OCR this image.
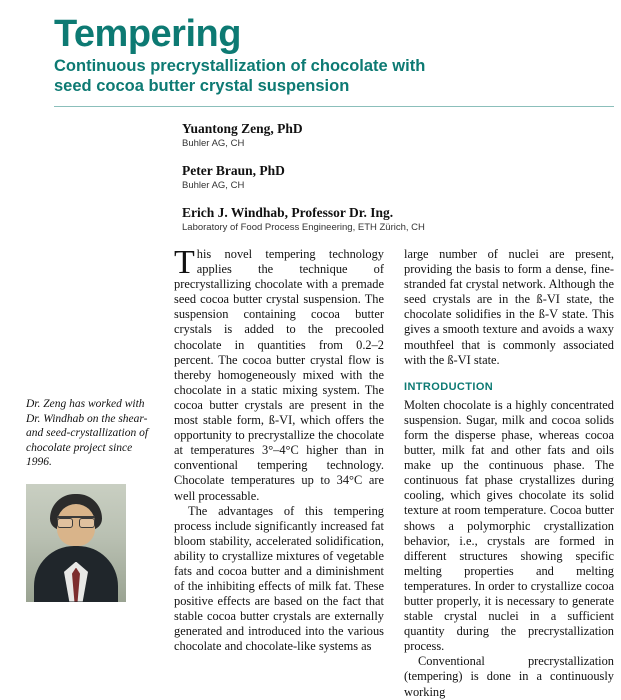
Tempering
Continuous precrystallization of chocolate with
seed cocoa butter crystal suspension
Yuantong Zeng, PhD
Buhler AG, CH
Peter Braun, PhD
Buhler AG, CH
Erich J. Windhab, Professor Dr. Ing.
Laboratory of Food Process Engineering, ETH Zürich, CH
Dr. Zeng has worked with Dr. Windhab on the shear- and seed-crystallization of chocolate project since 1996.

This novel tempering technology applies the technique of precrystallizing chocolate with a premade seed cocoa butter crystal suspension. The suspension containing cocoa butter crystals is added to the precooled chocolate in quantities from 0.2–2 percent. The cocoa butter crystal flow is thereby homogeneously mixed with the chocolate in a static mixing system. The cocoa butter crystals are present in the most stable form, ß-VI, which offers the opportunity to precrystallize the chocolate at temperatures 3°–4°C higher than in conventional tempering technology. Chocolate temperatures up to 34°C are well processable.

The advantages of this tempering process include significantly increased fat bloom stability, accelerated solidification, ability to crystallize mixtures of vegetable fats and cocoa butter and a diminishment of the inhibiting effects of milk fat. These positive effects are based on the fact that stable cocoa butter crystals are externally generated and introduced into the various chocolate and chocolate-like systems as

large number of nuclei are present, providing the basis to form a dense, fine-stranded fat crystal network. Although the seed crystals are in the ß-VI state, the chocolate solidifies in the ß-V state. This gives a smooth texture and avoids a waxy mouthfeel that is commonly associated with the ß-VI state.

INTRODUCTION

Molten chocolate is a highly concentrated suspension. Sugar, milk and cocoa solids form the disperse phase, whereas cocoa butter, milk fat and other fats and oils make up the continuous phase. The continuous fat phase crystallizes during cooling, which gives chocolate its solid texture at room temperature. Cocoa butter shows a polymorphic crystallization behavior, i.e., crystals are formed in different structures showing specific melting properties and melting temperatures. In order to crystallize cocoa butter properly, it is necessary to generate stable crystal nuclei in a sufficient quantity during the precrystallization process.

Conventional precrystallization (tempering) is done in a continuously working
